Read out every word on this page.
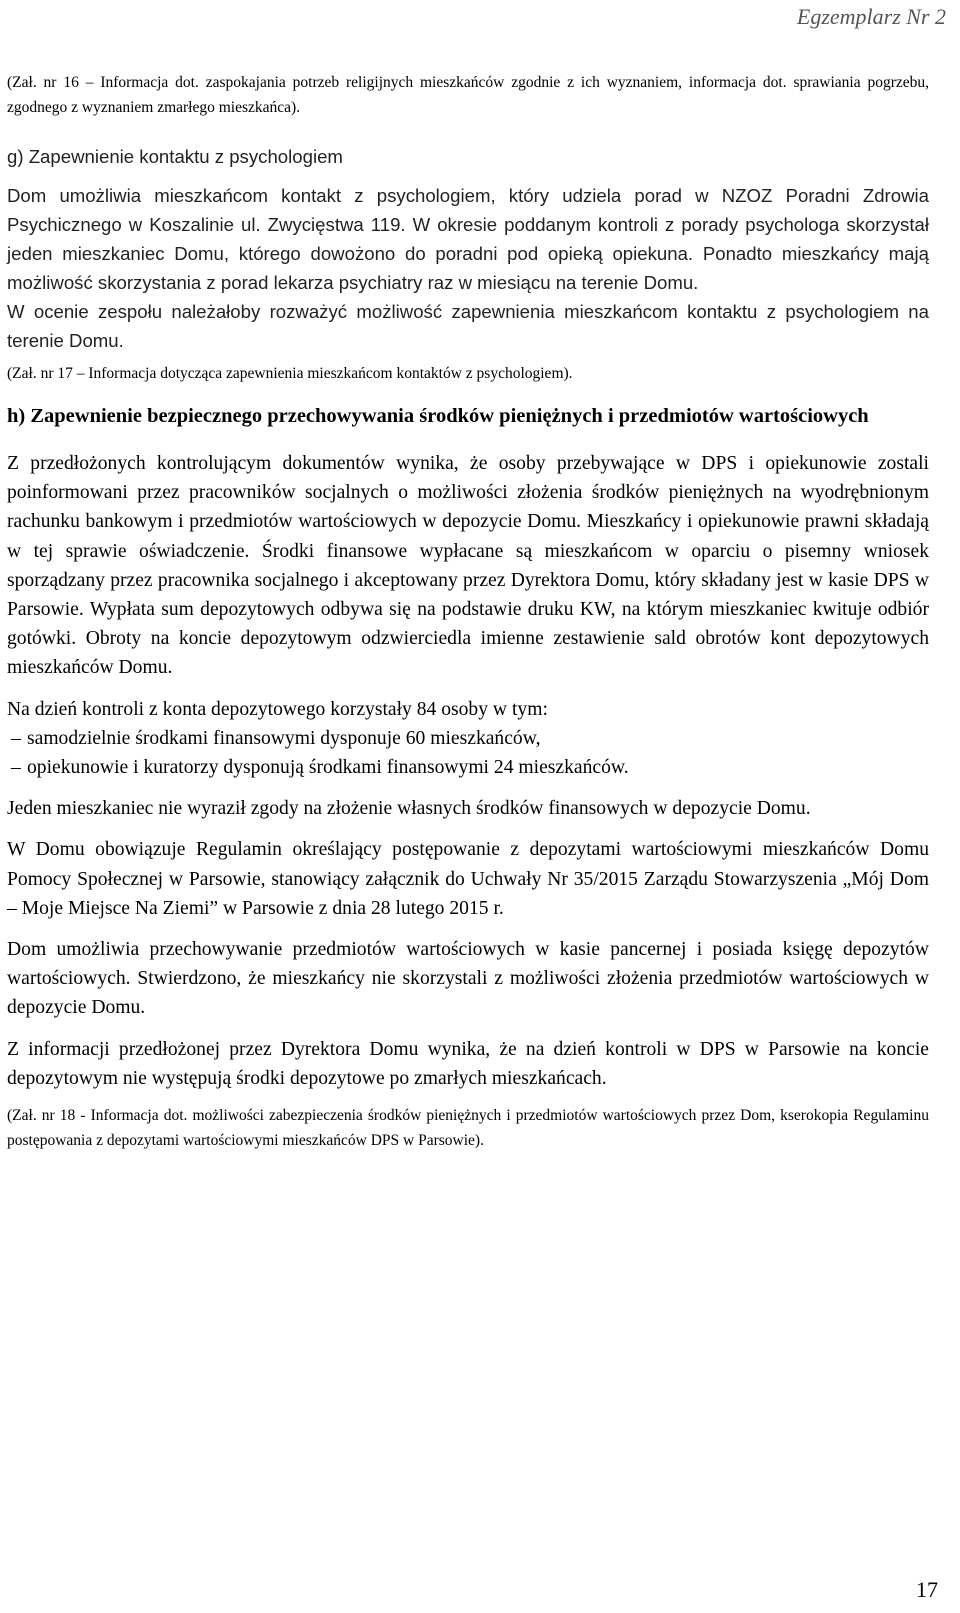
Egzemplarz Nr 2

(Zał. nr 16 – Informacja dot. zaspokajania potrzeb religijnych mieszkańców zgodnie z ich wyznaniem, informacja dot. sprawiania pogrzebu, zgodnego z wyznaniem zmarłego mieszkańca).

g) Zapewnienie kontaktu z psychologiem

Dom umożliwia mieszkańcom kontakt z psychologiem, który udziela porad w NZOZ Poradni Zdrowia Psychicznego w Koszalinie ul. Zwycięstwa 119. W okresie poddanym kontroli z porady psychologa skorzystał jeden mieszkaniec Domu, którego dowożono do poradni pod opieką opiekuna. Ponadto mieszkańcy mają możliwość skorzystania z porad lekarza psychiatry raz w miesiącu na terenie Domu.

W ocenie zespołu należałoby rozważyć możliwość zapewnienia mieszkańcom kontaktu z psychologiem na terenie Domu.

(Zał. nr 17 – Informacja dotycząca zapewnienia mieszkańcom kontaktów z psychologiem).

h) Zapewnienie bezpiecznego przechowywania środków pieniężnych i przedmiotów wartościowych

Z przedłożonych kontrolującym dokumentów wynika, że osoby przebywające w DPS i opiekunowie zostali poinformowani przez pracowników socjalnych o możliwości złożenia środków pieniężnych na wyodrębnionym rachunku bankowym i przedmiotów wartościowych w depozycie Domu. Mieszkańcy i opiekunowie prawni składają w tej sprawie oświadczenie. Środki finansowe wypłacane są mieszkańcom w oparciu o pisemny wniosek sporządzany przez pracownika socjalnego i akceptowany przez Dyrektora Domu, który składany jest w kasie DPS w Parsowie. Wypłata sum depozytowych odbywa się na podstawie druku KW, na którym mieszkaniec kwituje odbiór gotówki. Obroty na koncie depozytowym odzwierciedla imienne zestawienie sald obrotów kont depozytowych mieszkańców Domu.

Na dzień kontroli z konta depozytowego korzystały 84 osoby w tym:

– samodzielnie środkami finansowymi dysponuje 60 mieszkańców,
– opiekunowie i kuratorzy dysponują środkami finansowymi 24 mieszkańców.

Jeden mieszkaniec nie wyraził zgody na złożenie własnych środków finansowych w depozycie Domu.

W Domu obowiązuje Regulamin określający postępowanie z depozytami wartościowymi mieszkańców Domu Pomocy Społecznej w Parsowie, stanowiący załącznik do Uchwały Nr 35/2015 Zarządu Stowarzyszenia „Mój Dom – Moje Miejsce Na Ziemi” w Parsowie z dnia 28 lutego 2015 r.

Dom umożliwia przechowywanie przedmiotów wartościowych w kasie pancernej i posiada księgę depozytów wartościowych. Stwierdzono, że mieszkańcy nie skorzystali z możliwości złożenia przedmiotów wartościowych w depozycie Domu.

Z informacji przedłożonej przez Dyrektora Domu wynika, że na dzień kontroli w DPS w Parsowie na koncie depozytowym nie występują środki depozytowe po zmarłych mieszkańcach.

(Zał. nr 18 - Informacja dot. możliwości zabezpieczenia środków pieniężnych i przedmiotów wartościowych przez Dom, kserokopia Regulaminu postępowania z depozytami wartościowymi mieszkańców DPS w Parsowie).

17
